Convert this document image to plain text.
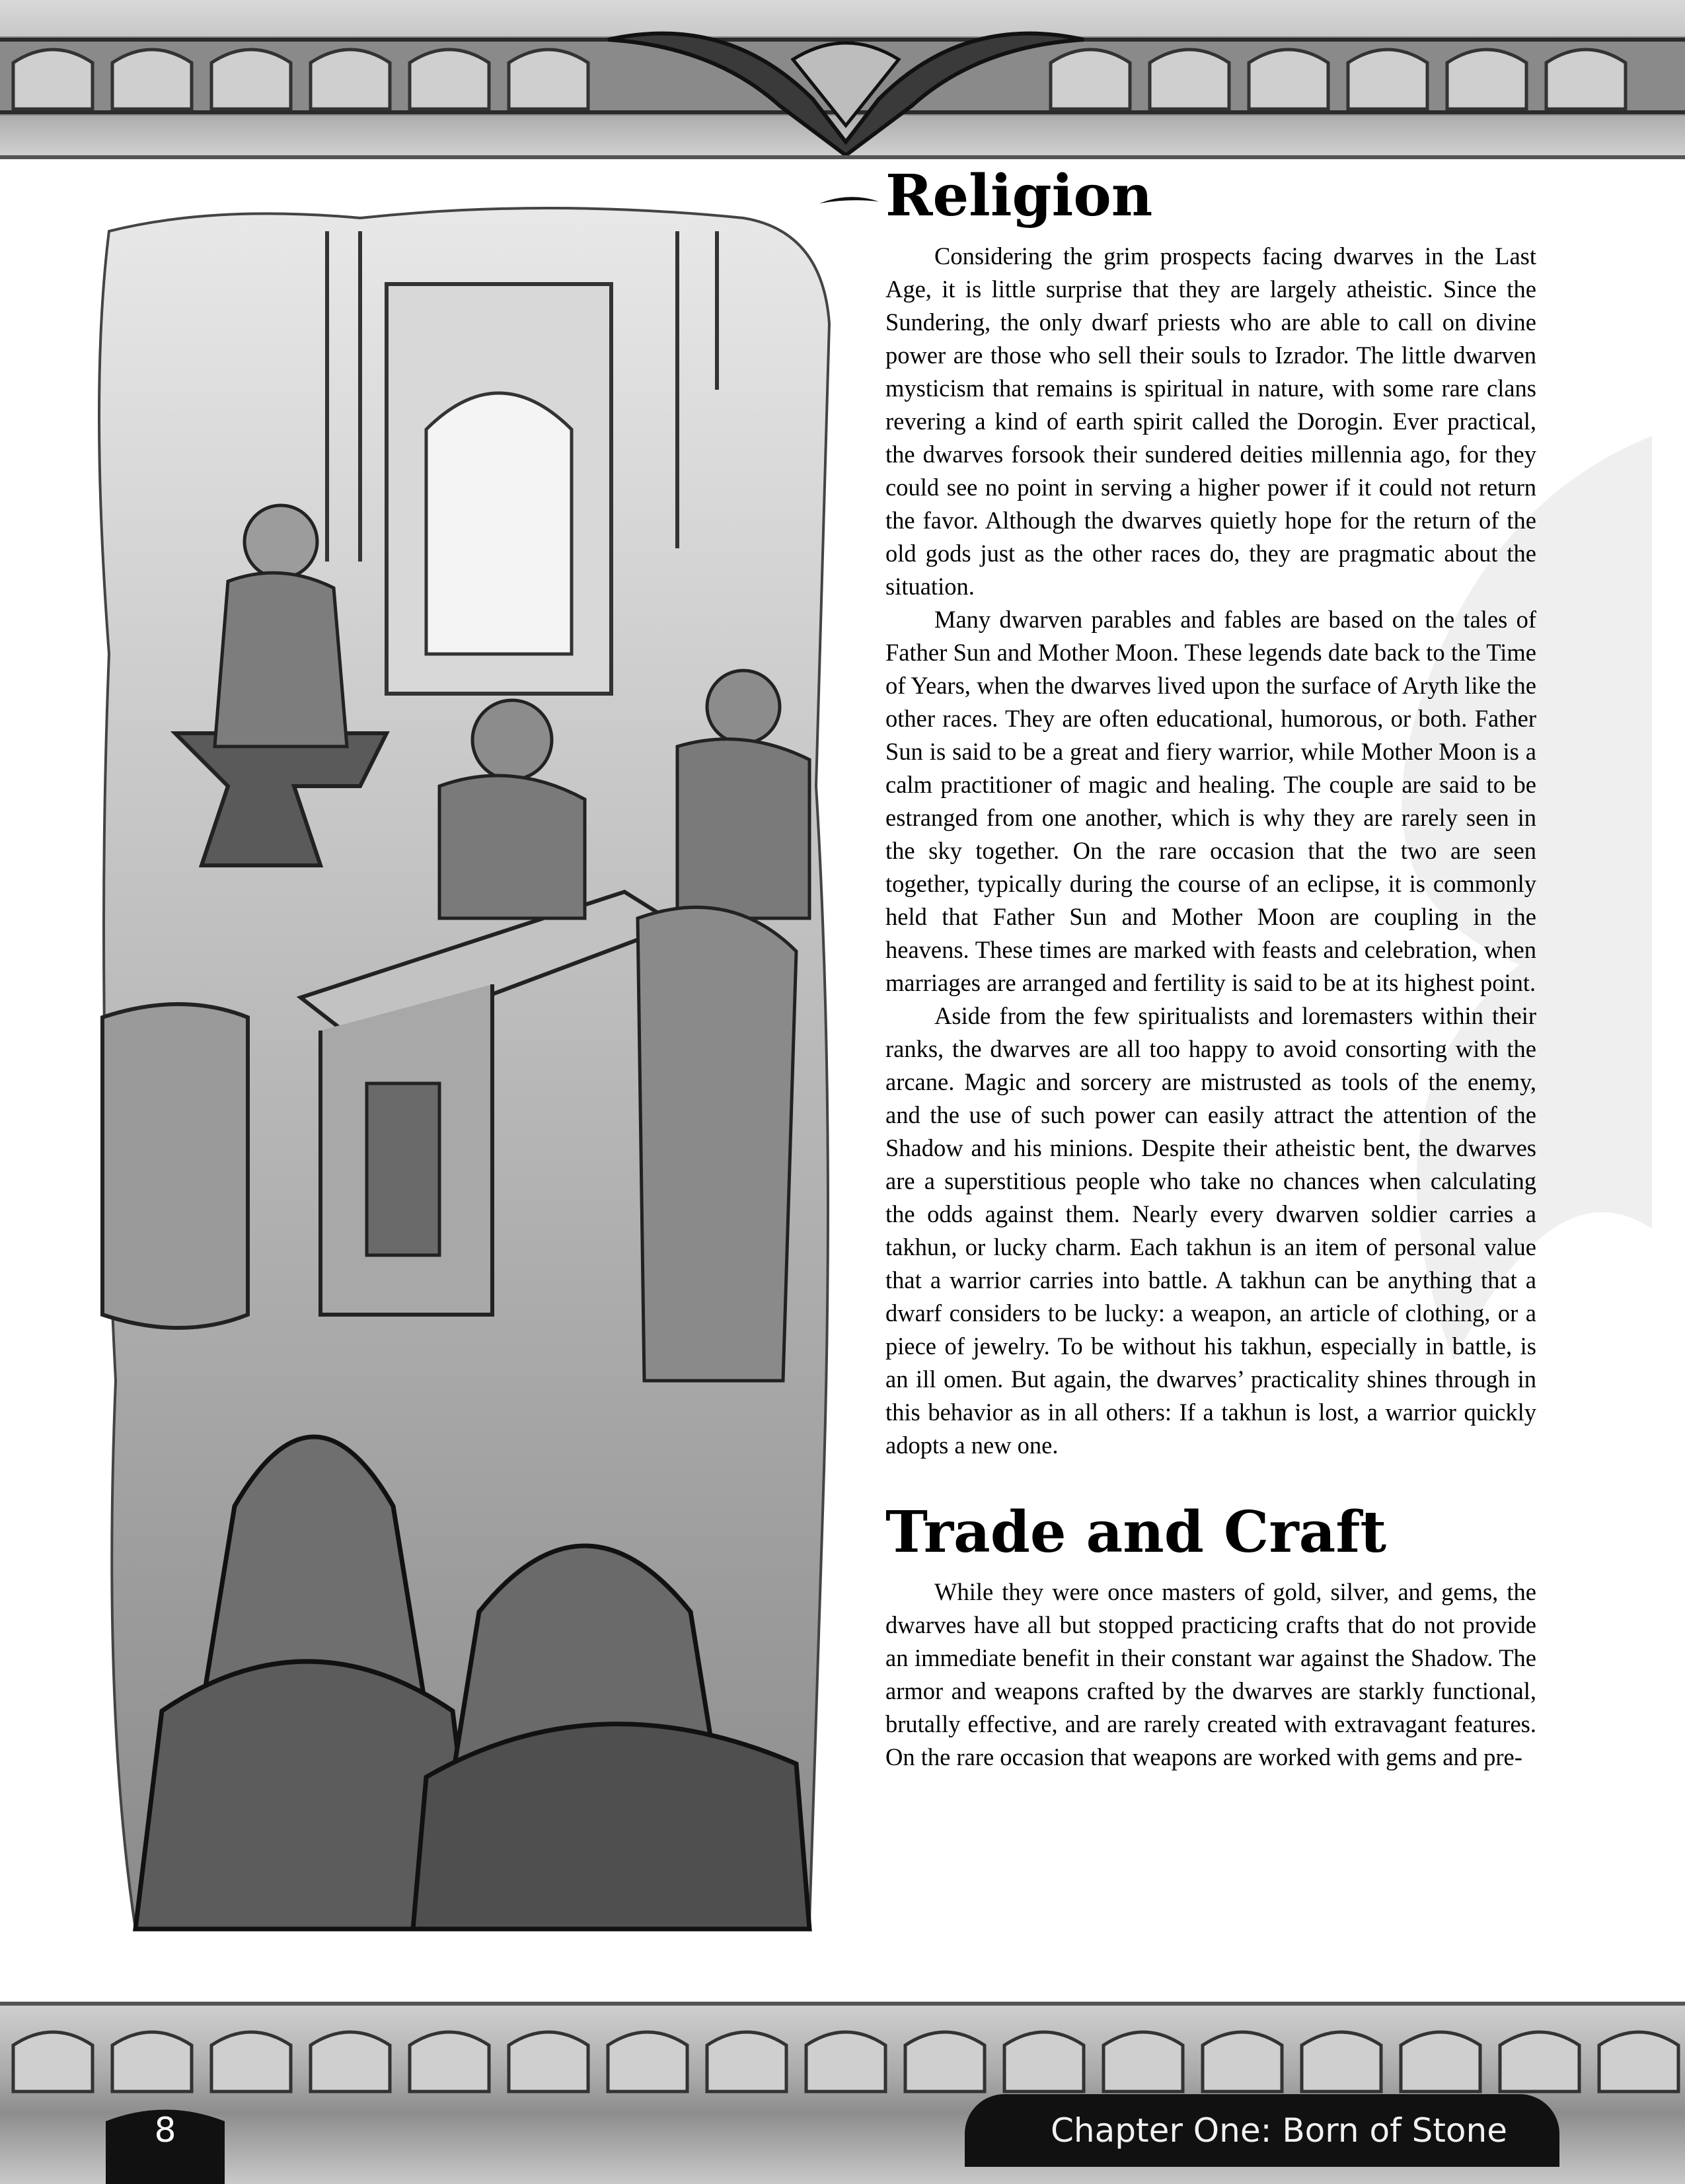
Religion

Considering the grim prospects facing dwarves in the Last Age, it is little surprise that they are largely atheistic. Since the Sundering, the only dwarf priests who are able to call on divine power are those who sell their souls to Izrador. The little dwarven mysticism that remains is spiritual in nature, with some rare clans revering a kind of earth spirit called the Dorogin. Ever practical, the dwarves forsook their sundered deities millennia ago, for they could see no point in serving a higher power if it could not return the favor. Although the dwarves quietly hope for the return of the old gods just as the other races do, they are pragmatic about the situation.

Many dwarven parables and fables are based on the tales of Father Sun and Mother Moon. These legends date back to the Time of Years, when the dwarves lived upon the surface of Aryth like the other races. They are often educational, humorous, or both. Father Sun is said to be a great and fiery warrior, while Mother Moon is a calm practitioner of magic and healing. The couple are said to be estranged from one another, which is why they are rarely seen in the sky together. On the rare occasion that the two are seen together, typically during the course of an eclipse, it is commonly held that Father Sun and Mother Moon are coupling in the heavens. These times are marked with feasts and celebration, when marriages are arranged and fertility is said to be at its highest point.

Aside from the few spiritualists and loremasters within their ranks, the dwarves are all too happy to avoid consorting with the arcane. Magic and sorcery are mistrusted as tools of the enemy, and the use of such power can easily attract the attention of the Shadow and his minions. Despite their atheistic bent, the dwarves are a superstitious people who take no chances when calculating the odds against them. Nearly every dwarven soldier carries a takhun, or lucky charm. Each takhun is an item of personal value that a warrior carries into battle. A takhun can be anything that a dwarf considers to be lucky: a weapon, an article of clothing, or a piece of jewelry. To be without his takhun, especially in battle, is an ill omen. But again, the dwarves’ practicality shines through in this behavior as in all others: If a takhun is lost, a warrior quickly adopts a new one.

Trade and Craft

While they were once masters of gold, silver, and gems, the dwarves have all but stopped practicing crafts that do not provide an immediate benefit in their constant war against the Shadow. The armor and weapons crafted by the dwarves are starkly functional, brutally effective, and are rarely created with extravagant features. On the rare occasion that weapons are worked with gems and pre-

8	Chapter One: Born of Stone
